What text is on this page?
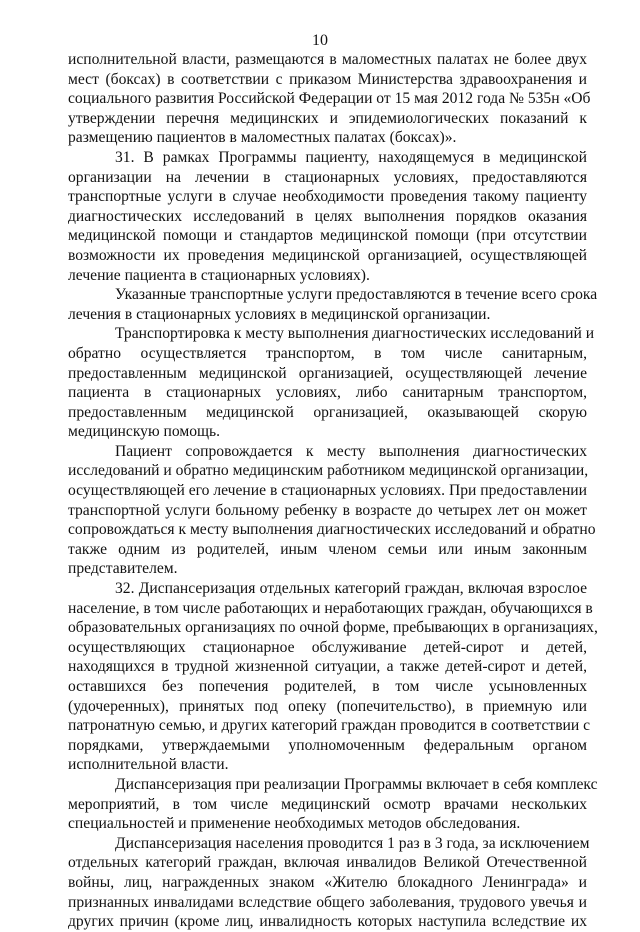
10
исполнительной власти, размещаются в маломестных палатах не более двух
мест (боксах) в соответствии с приказом Министерства здравоохранения и
социального развития Российской Федерации от 15 мая 2012 года № 535н «Об
утверждении перечня медицинских и эпидемиологических показаний к
размещению пациентов в маломестных палатах (боксах)».
31. В рамках Программы пациенту, находящемуся в медицинской
организации на лечении в стационарных условиях, предоставляются
транспортные услуги в случае необходимости проведения такому пациенту
диагностических исследований в целях выполнения порядков оказания
медицинской помощи и стандартов медицинской помощи (при отсутствии
возможности их проведения медицинской организацией, осуществляющей
лечение пациента в стационарных условиях).
Указанные транспортные услуги предоставляются в течение всего срока
лечения в стационарных условиях в медицинской организации.
Транспортировка к месту выполнения диагностических исследований и
обратно осуществляется транспортом, в том числе санитарным,
предоставленным медицинской организацией, осуществляющей лечение
пациента в стационарных условиях, либо санитарным транспортом,
предоставленным медицинской организацией, оказывающей скорую
медицинскую помощь.
Пациент сопровождается к месту выполнения диагностических
исследований и обратно медицинским работником медицинской организации,
осуществляющей его лечение в стационарных условиях. При предоставлении
транспортной услуги больному ребенку в возрасте до четырех лет он может
сопровождаться к месту выполнения диагностических исследований и обратно
также одним из родителей, иным членом семьи или иным законным
представителем.
32. Диспансеризация отдельных категорий граждан, включая взрослое
население, в том числе работающих и неработающих граждан, обучающихся в
образовательных организациях по очной форме, пребывающих в организациях,
осуществляющих стационарное обслуживание детей-сирот и детей,
находящихся в трудной жизненной ситуации, а также детей-сирот и детей,
оставшихся без попечения родителей, в том числе усыновленных
(удочеренных), принятых под опеку (попечительство), в приемную или
патронатную семью, и других категорий граждан проводится в соответствии с
порядками, утверждаемыми уполномоченным федеральным органом
исполнительной власти.
Диспансеризация при реализации Программы включает в себя комплекс
мероприятий, в том числе медицинский осмотр врачами нескольких
специальностей и применение необходимых методов обследования.
Диспансеризация населения проводится 1 раз в 3 года, за исключением
отдельных категорий граждан, включая инвалидов Великой Отечественной
войны, лиц, награжденных знаком «Жителю блокадного Ленинграда» и
признанных инвалидами вследствие общего заболевания, трудового увечья и
других причин (кроме лиц, инвалидность которых наступила вследствие их
